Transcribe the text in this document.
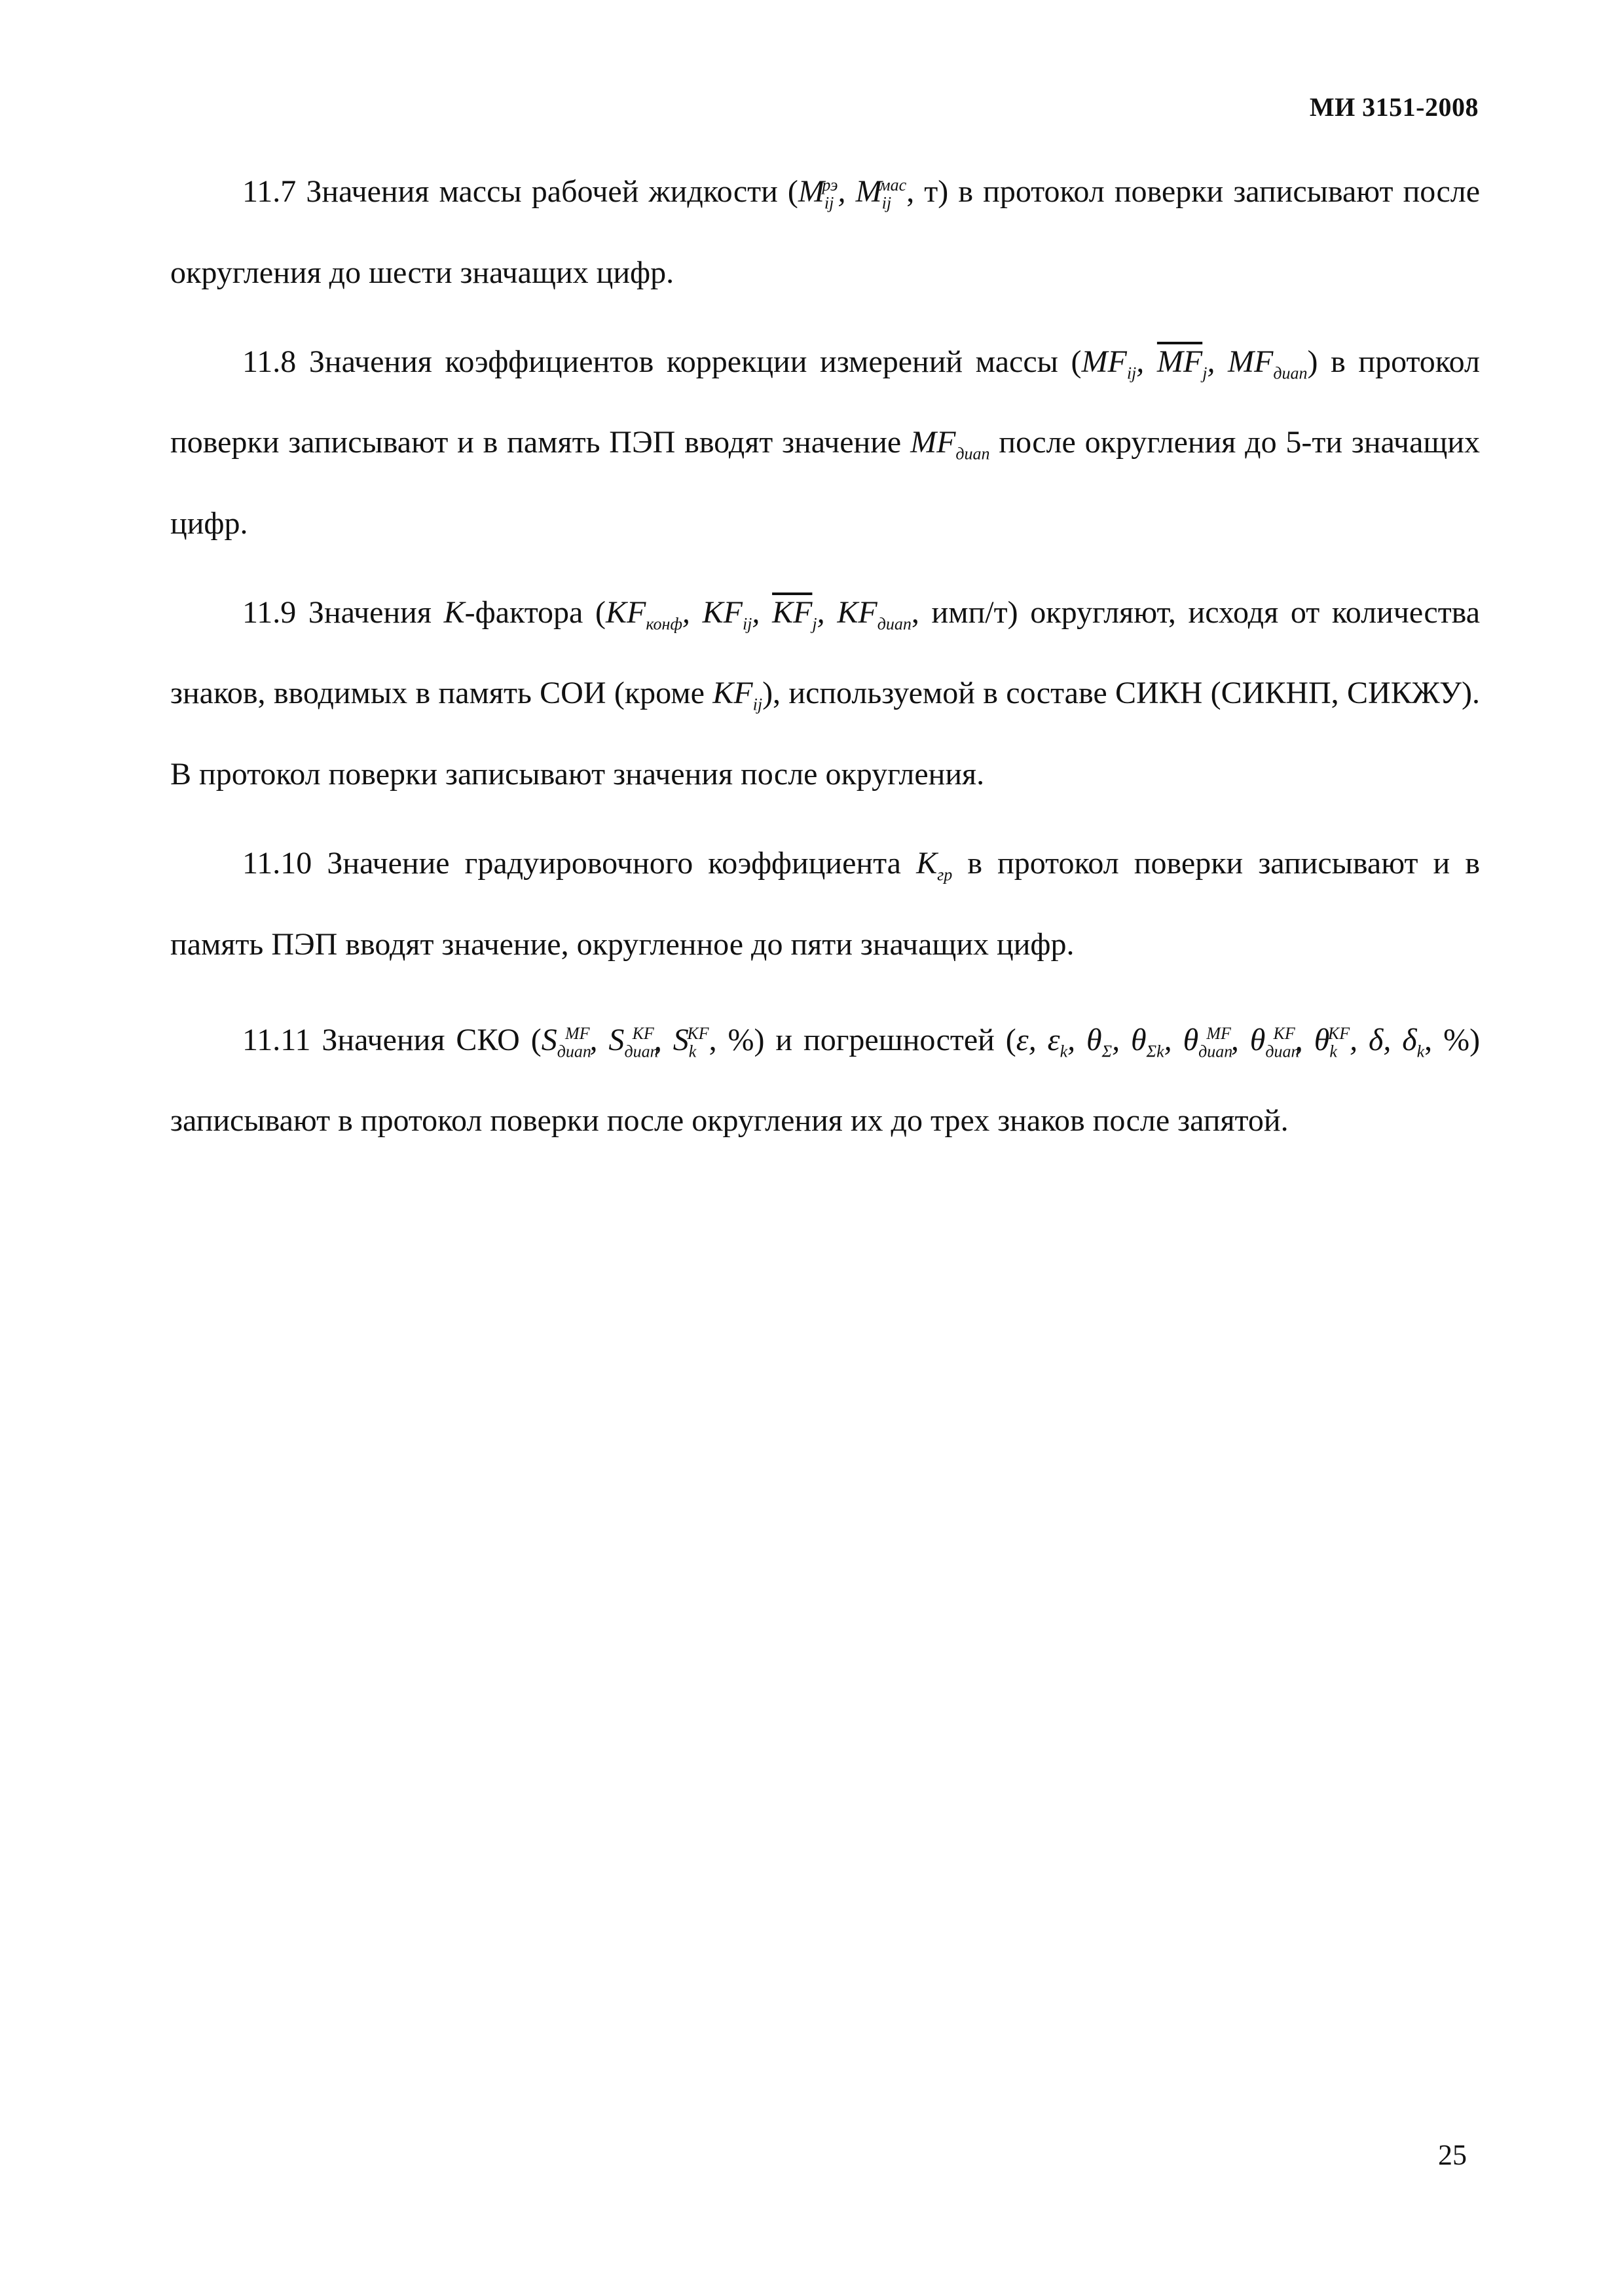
МИ 3151-2008

11.7 Значения массы рабочей жидкости ($M_{ij}^{рэ}$, $M_{ij}^{мас}$, т) в протокол поверки записывают после округления до шести значащих цифр.

11.8 Значения коэффициентов коррекции измерений массы ($MF_{ij}$, $\overline{MF}_j$, $MF_{диап}$) в протокол поверки записывают и в память ПЭП вводят значение $MF_{диап}$ после округления до 5-ти значащих цифр.

11.9 Значения K-фактора ($KF_{конф}$, $KF_{ij}$, $\overline{KF}_j$, $KF_{диап}$, имп/т) округляют, исходя от количества знаков, вводимых в память СОИ (кроме $KF_{ij}$), используемой в составе СИКН (СИКНП, СИКЖУ). В протокол поверки записывают значения после округления.

11.10 Значение градуировочного коэффициента $K_{гр}$ в протокол поверки записывают и в память ПЭП вводят значение, округленное до пяти значащих цифр.

11.11 Значения СКО ($S_{диап}^{MF}$, $S_{диап}^{KF}$, $S_k^{KF}$, %) и погрешностей (ε, $\varepsilon_k$, $\theta_\Sigma$, $\theta_{\Sigma k}$, $\theta_{диап}^{MF}$, $\theta_{диап}^{KF}$, $\theta_k^{KF}$, δ, $\delta_k$, %) записывают в протокол поверки после округления их до трех знаков после запятой.

25
